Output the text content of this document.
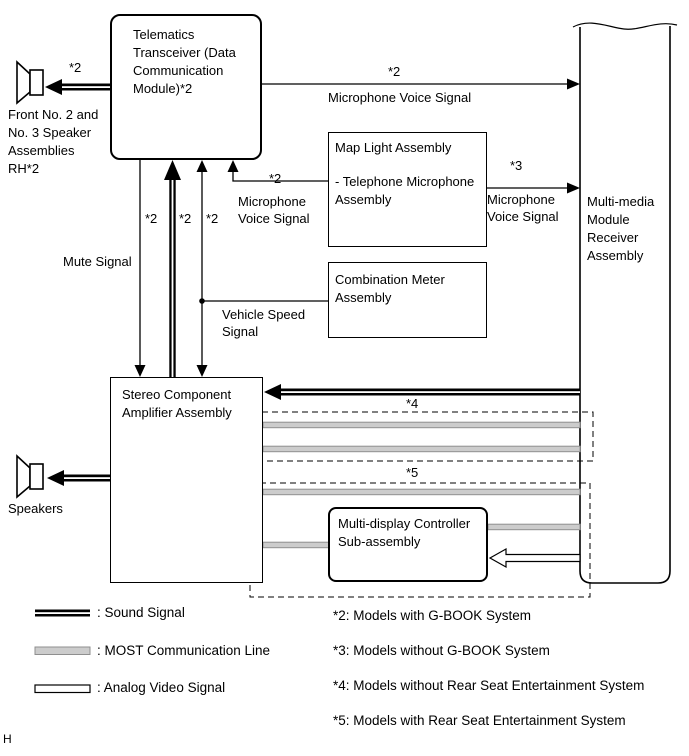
Telematics
Transceiver (Data
Communication
Module)*2
Map Light Assembly
- Telephone Microphone
Assembly
Combination Meter
Assembly
Stereo Component
Amplifier Assembly
Multi-display Controller
Sub-assembly
Multi-media
Module
Receiver
Assembly
*2
Front No. 2 and
No. 3 Speaker
Assemblies
RH*2
*2
Microphone Voice Signal
*2
Microphone
Voice Signal
*3
Microphone
Voice Signal
*2 *2 *2
Mute Signal
Vehicle Speed
Signal
*4
*5
Speakers
: Sound Signal
: MOST Communication Line
: Analog Video Signal
*2: Models with G-BOOK System
*3: Models without G-BOOK System
*4: Models without Rear Seat Entertainment System
*5: Models with Rear Seat Entertainment System
H
